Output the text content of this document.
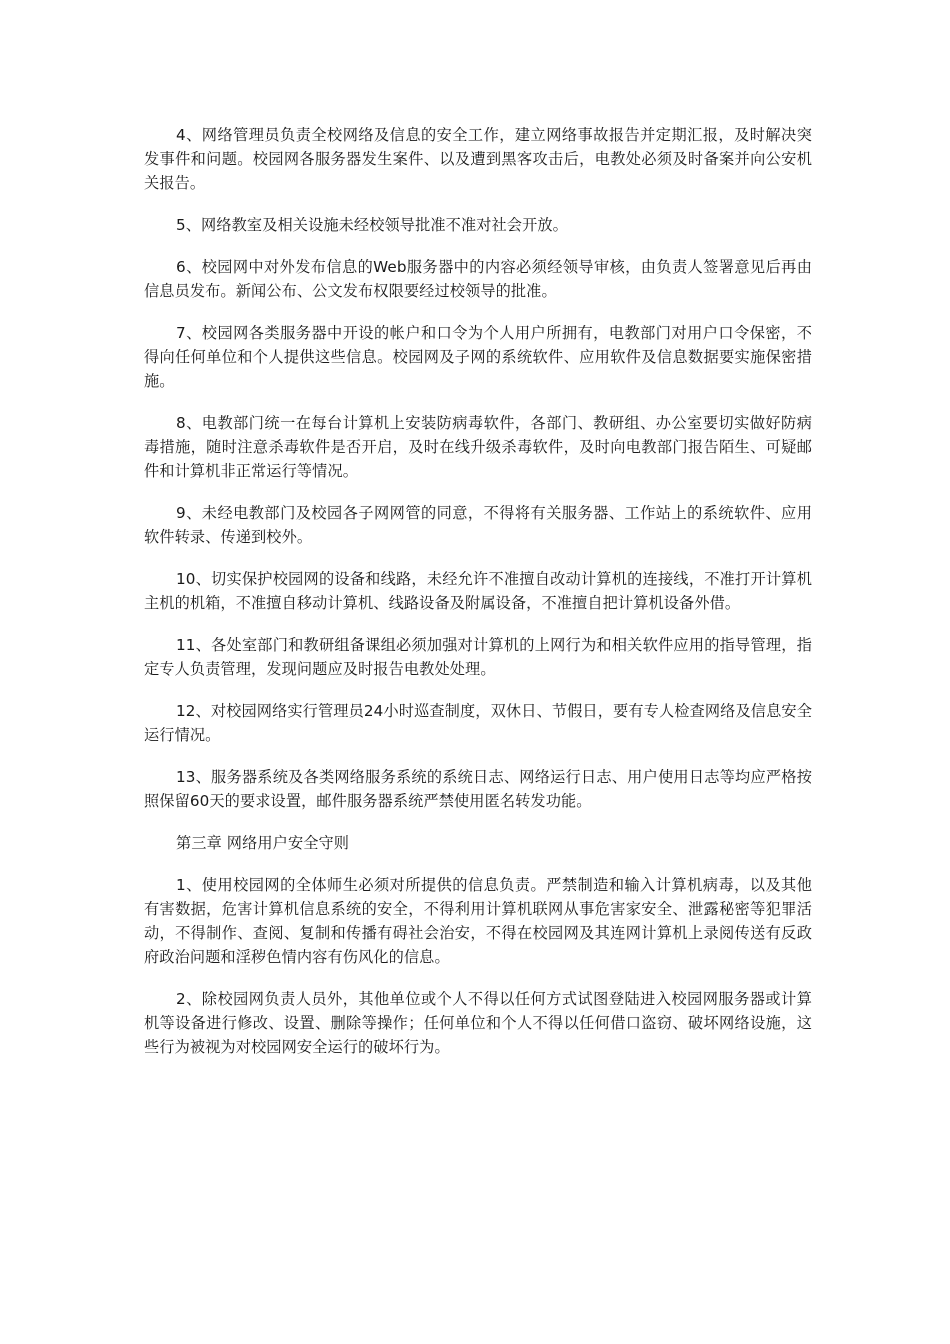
4、网络管理员负责全校网络及信息的安全工作，建立网络事故报告并定期汇报，及时解决突发事件和问题。校园网各服务器发生案件、以及遭到黑客攻击后，电教处必须及时备案并向公安机关报告。

5、网络教室及相关设施未经校领导批准不准对社会开放。

6、校园网中对外发布信息的Web服务器中的内容必须经领导审核，由负责人签署意见后再由信息员发布。新闻公布、公文发布权限要经过校领导的批准。

7、校园网各类服务器中开设的帐户和口令为个人用户所拥有，电教部门对用户口令保密，不得向任何单位和个人提供这些信息。校园网及子网的系统软件、应用软件及信息数据要实施保密措施。

8、电教部门统一在每台计算机上安装防病毒软件，各部门、教研组、办公室要切实做好防病毒措施，随时注意杀毒软件是否开启，及时在线升级杀毒软件，及时向电教部门报告陌生、可疑邮件和计算机非正常运行等情况。

9、未经电教部门及校园各子网网管的同意，不得将有关服务器、工作站上的系统软件、应用软件转录、传递到校外。

10、切实保护校园网的设备和线路，未经允许不准擅自改动计算机的连接线，不准打开计算机主机的机箱，不准擅自移动计算机、线路设备及附属设备，不准擅自把计算机设备外借。

11、各处室部门和教研组备课组必须加强对计算机的上网行为和相关软件应用的指导管理，指定专人负责管理，发现问题应及时报告电教处处理。

12、对校园网络实行管理员24小时巡查制度，双休日、节假日，要有专人检查网络及信息安全运行情况。

13、服务器系统及各类网络服务系统的系统日志、网络运行日志、用户使用日志等均应严格按照保留60天的要求设置，邮件服务器系统严禁使用匿名转发功能。

第三章 网络用户安全守则

1、使用校园网的全体师生必须对所提供的信息负责。严禁制造和输入计算机病毒，以及其他有害数据，危害计算机信息系统的安全，不得利用计算机联网从事危害家安全、泄露秘密等犯罪活动，不得制作、查阅、复制和传播有碍社会治安，不得在校园网及其连网计算机上录阅传送有反政府政治问题和淫秽色情内容有伤风化的信息。

2、除校园网负责人员外，其他单位或个人不得以任何方式试图登陆进入校园网服务器或计算机等设备进行修改、设置、删除等操作；任何单位和个人不得以任何借口盗窃、破坏网络设施，这些行为被视为对校园网安全运行的破坏行为。
